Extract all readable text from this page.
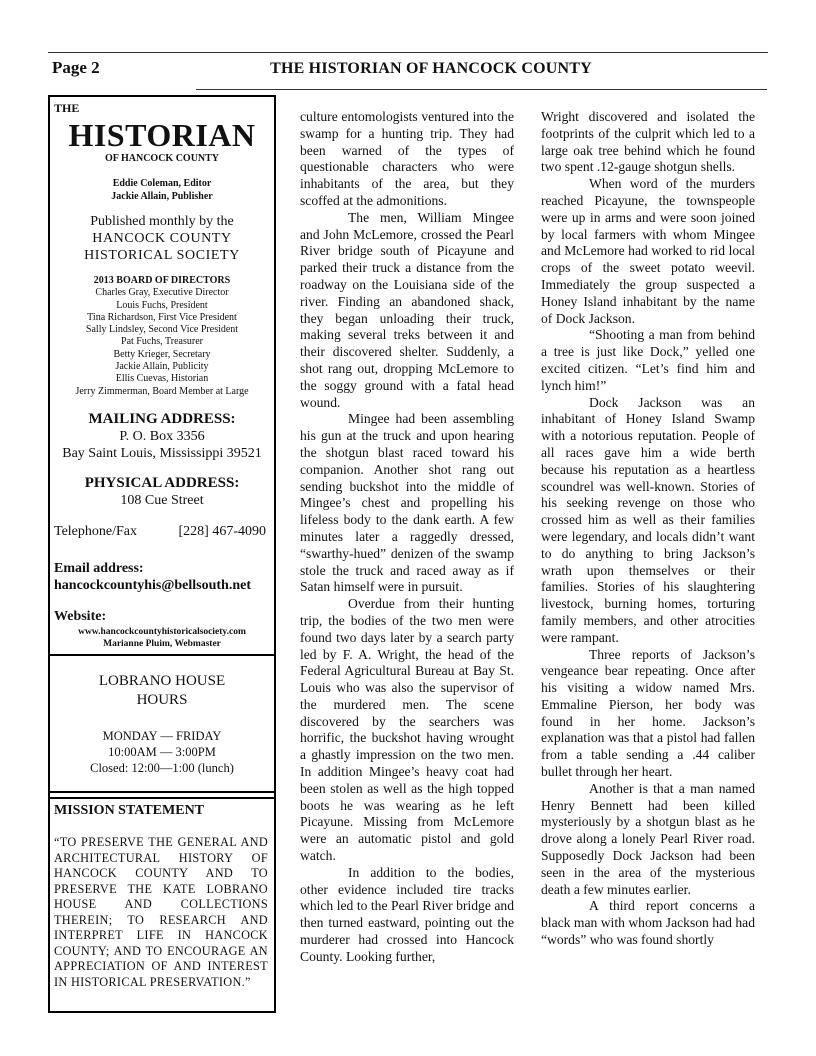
Page 2	THE HISTORIAN OF HANCOCK COUNTY
THE
HISTORIAN
OF HANCOCK COUNTY
Eddie Coleman, Editor
Jackie Allain, Publisher
Published monthly by the
HANCOCK COUNTY
HISTORICAL SOCIETY
2013 BOARD OF DIRECTORS
Charles Gray, Executive Director
Louis Fuchs, President
Tina Richardson, First Vice President
Sally Lindsley, Second Vice President
Pat Fuchs, Treasurer
Betty Krieger, Secretary
Jackie Allain, Publicity
Ellis Cuevas, Historian
Jerry Zimmerman, Board Member at Large
MAILING ADDRESS:
P. O. Box 3356
Bay Saint Louis, Mississippi 39521
PHYSICAL ADDRESS:
108 Cue Street
Telephone/Fax	[228] 467-4090
Email address:
hancockcountyhis@bellsouth.net
Website:
www.hancockcountyhistoricalsociety.com
Marianne Pluim, Webmaster
LOBRANO HOUSE
HOURS
MONDAY — FRIDAY
10:00AM — 3:00PM
Closed: 12:00—1:00 (lunch)
MISSION STATEMENT
“TO PRESERVE THE GENERAL AND ARCHITECTURAL HISTORY OF HANCOCK COUNTY AND TO PRESERVE THE KATE LOBRANO HOUSE AND COLLECTIONS THEREIN; TO RESEARCH AND INTERPRET LIFE IN HANCOCK COUNTY; AND TO ENCOURAGE AN APPRECIATION OF AND INTEREST IN HISTORICAL PRESERVATION.”

culture entomologists ventured into the swamp for a hunting trip. They had been warned of the types of questionable characters who were inhabitants of the area, but they scoffed at the admonitions.

The men, William Mingee and John McLemore, crossed the Pearl River bridge south of Picayune and parked their truck a distance from the roadway on the Louisiana side of the river. Finding an abandoned shack, they began unloading their truck, making several treks between it and their discovered shelter. Suddenly, a shot rang out, dropping McLemore to the soggy ground with a fatal head wound.

Mingee had been assembling his gun at the truck and upon hearing the shotgun blast raced toward his companion. Another shot rang out sending buckshot into the middle of Mingee’s chest and propelling his lifeless body to the dank earth. A few minutes later a raggedly dressed, “swarthy-hued” denizen of the swamp stole the truck and raced away as if Satan himself were in pursuit.

Overdue from their hunting trip, the bodies of the two men were found two days later by a search party led by F. A. Wright, the head of the Federal Agricultural Bureau at Bay St. Louis who was also the supervisor of the murdered men. The scene discovered by the searchers was horrific, the buckshot having wrought a ghastly impression on the two men. In addition Mingee’s heavy coat had been stolen as well as the high topped boots he was wearing as he left Picayune. Missing from McLemore were an automatic pistol and gold watch.

In addition to the bodies, other evidence included tire tracks which led to the Pearl River bridge and then turned eastward, pointing out the murderer had crossed into Hancock County. Looking further,

Wright discovered and isolated the footprints of the culprit which led to a large oak tree behind which he found two spent .12-gauge shotgun shells.

When word of the murders reached Picayune, the townspeople were up in arms and were soon joined by local farmers with whom Mingee and McLemore had worked to rid local crops of the sweet potato weevil. Immediately the group suspected a Honey Island inhabitant by the name of Dock Jackson.

“Shooting a man from behind a tree is just like Dock,” yelled one excited citizen. “Let’s find him and lynch him!”

Dock Jackson was an inhabitant of Honey Island Swamp with a notorious reputation. People of all races gave him a wide berth because his reputation as a heartless scoundrel was well-known. Stories of his seeking revenge on those who crossed him as well as their families were legendary, and locals didn’t want to do anything to bring Jackson’s wrath upon themselves or their families. Stories of his slaughtering livestock, burning homes, torturing family members, and other atrocities were rampant.

Three reports of Jackson’s vengeance bear repeating. Once after his visiting a widow named Mrs. Emmaline Pierson, her body was found in her home. Jackson’s explanation was that a pistol had fallen from a table sending a .44 caliber bullet through her heart.

Another is that a man named Henry Bennett had been killed mysteriously by a shotgun blast as he drove along a lonely Pearl River road. Supposedly Dock Jackson had been seen in the area of the mysterious death a few minutes earlier.

A third report concerns a black man with whom Jackson had had “words” who was found shortly
